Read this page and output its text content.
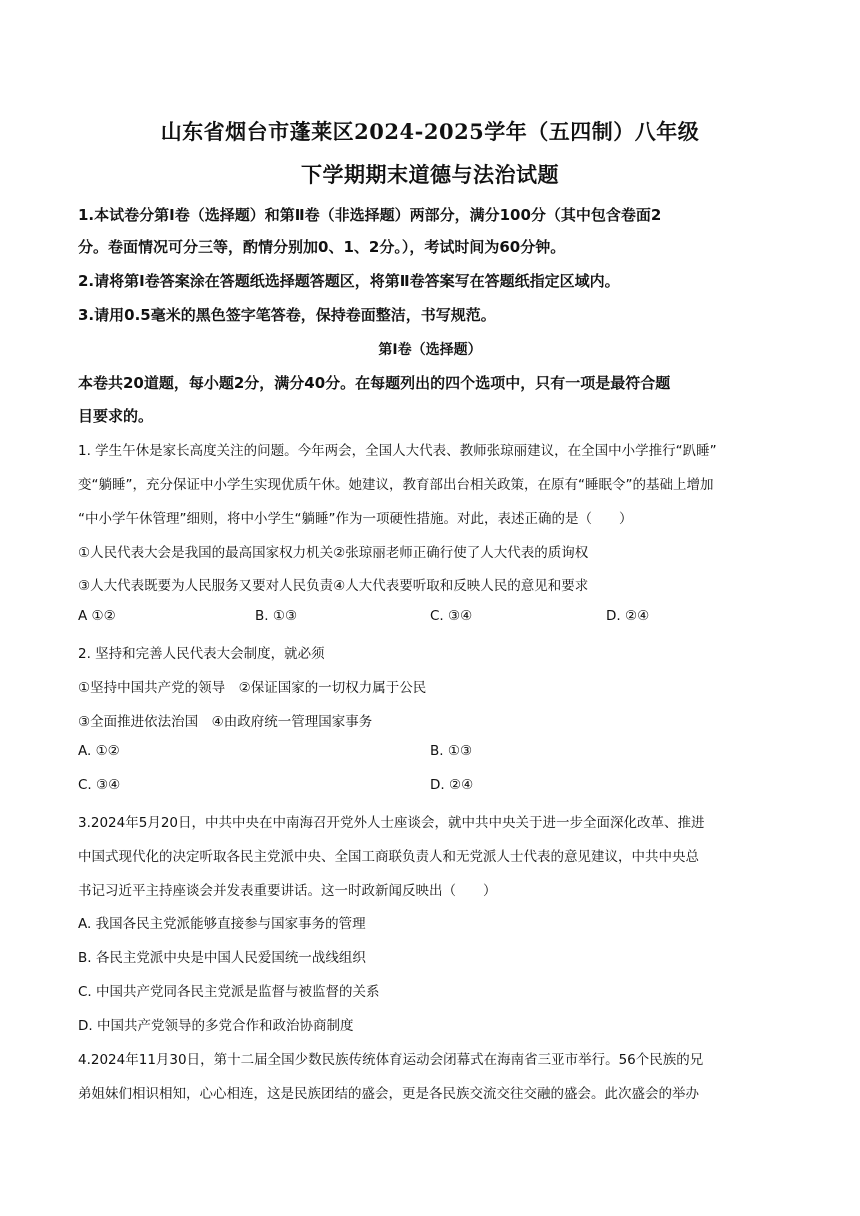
山东省烟台市蓬莱区2024-2025学年（五四制）八年级
下学期期末道德与法治试题
1.本试卷分第Ⅰ卷（选择题）和第Ⅱ卷（非选择题）两部分，满分100分（其中包含卷面2
分。卷面情况可分三等，酌情分别加0、1、2分。），考试时间为60分钟。
2.请将第Ⅰ卷答案涂在答题纸选择题答题区，将第Ⅱ卷答案写在答题纸指定区域内。
3.请用0.5毫米的黑色签字笔答卷，保持卷面整洁，书写规范。
第Ⅰ卷（选择题）
本卷共20道题，每小题2分，满分40分。在每题列出的四个选项中，只有一项是最符合题
目要求的。
1. 学生午休是家长高度关注的问题。今年两会，全国人大代表、教师张琼丽建议，在全国中小学推行“趴睡”
变“躺睡”，充分保证中小学生实现优质午休。她建议，教育部出台相关政策，在原有“睡眠令”的基础上增加
“中小学午休管理”细则，将中小学生“躺睡”作为一项硬性措施。对此，表述正确的是（　　）
①人民代表大会是我国的最高国家权力机关②张琼丽老师正确行使了人大代表的质询权
③人大代表既要为人民服务又要对人民负责④人大代表要听取和反映人民的意见和要求
A ①②	B. ①③	C. ③④	D. ②④
2. 坚持和完善人民代表大会制度，就必须
①坚持中国共产党的领导　②保证国家的一切权力属于公民
③全面推进依法治国　④由政府统一管理国家事务
A. ①②	B. ①③
C. ③④	D. ②④
3.2024年5月20日，中共中央在中南海召开党外人士座谈会，就中共中央关于进一步全面深化改革、推进
中国式现代化的决定听取各民主党派中央、全国工商联负责人和无党派人士代表的意见建议，中共中央总
书记习近平主持座谈会并发表重要讲话。这一时政新闻反映出（　　）
A. 我国各民主党派能够直接参与国家事务的管理
B. 各民主党派中央是中国人民爱国统一战线组织
C. 中国共产党同各民主党派是监督与被监督的关系
D. 中国共产党领导的多党合作和政治协商制度
4.2024年11月30日，第十二届全国少数民族传统体育运动会闭幕式在海南省三亚市举行。56个民族的兄
弟姐妹们相识相知，心心相连，这是民族团结的盛会，更是各民族交流交往交融的盛会。此次盛会的举办
